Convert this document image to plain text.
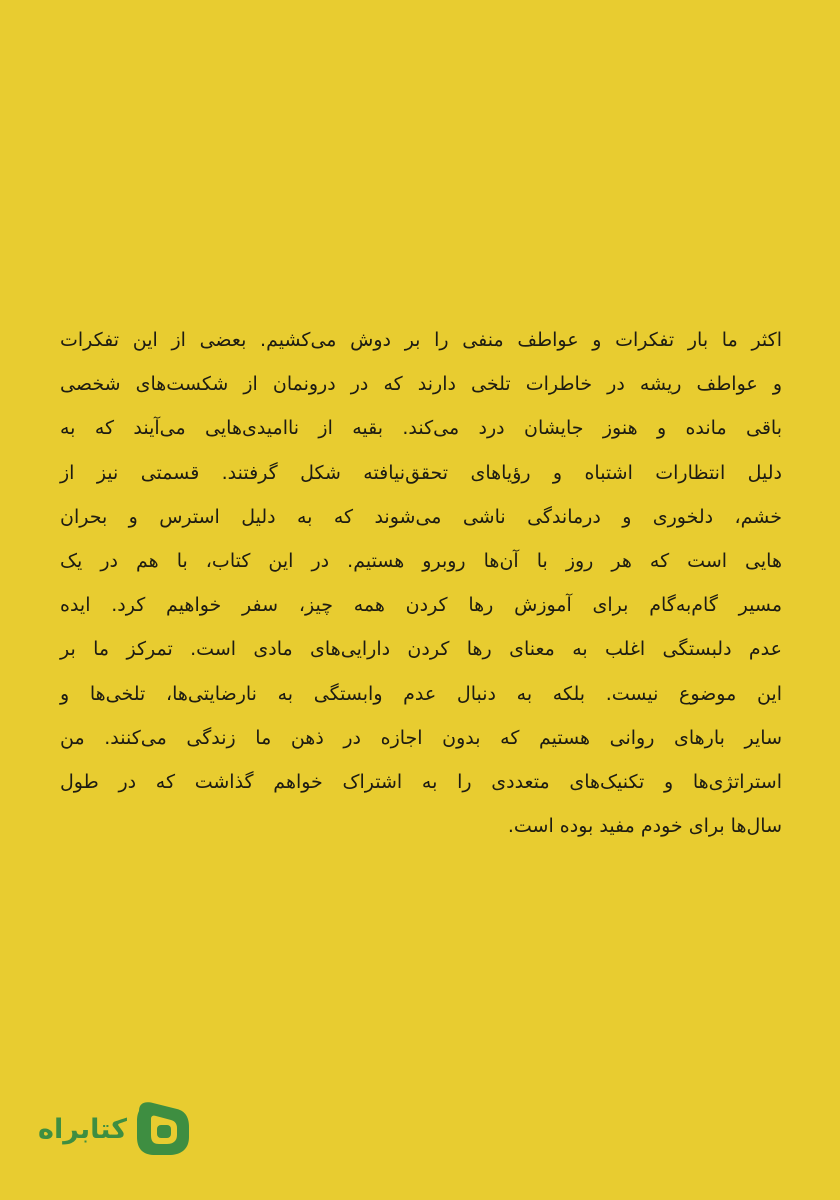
اکثر ما بار تفکرات و عواطف منفی را بر دوش می‌کشیم. بعضی از این تفکرات
و عواطف ریشه در خاطرات تلخی دارند که در درونمان از شکست‌های شخصی
باقی مانده و هنوز جایشان درد می‌کند. بقیه از ناامیدی‌هایی می‌آیند که به
دلیل انتظارات اشتباه و رؤیاهای تحقق‌نیافته شکل گرفتند. قسمتی نیز از
خشم، دلخوری و درماندگی ناشی می‌شوند که به دلیل استرس و بحران
هایی است که هر روز با آن‌ها روبرو هستیم. در این کتاب، با هم در یک
مسیر گام‌به‌گام برای آموزش رها کردن همه چیز، سفر خواهیم کرد. ایده
عدم دلبستگی اغلب به معنای رها کردن دارایی‌های مادی است. تمرکز ما بر
این موضوع نیست. بلکه به دنبال عدم وابستگی به نارضایتی‌ها، تلخی‌ها و
سایر بارهای روانی هستیم که بدون اجازه در ذهن ما زندگی می‌کنند. من
استراتژی‌ها و تکنیک‌های متعددی را به اشتراک خواهم گذاشت که در طول
سال‌ها برای خودم مفید بوده است.
کتابراه
